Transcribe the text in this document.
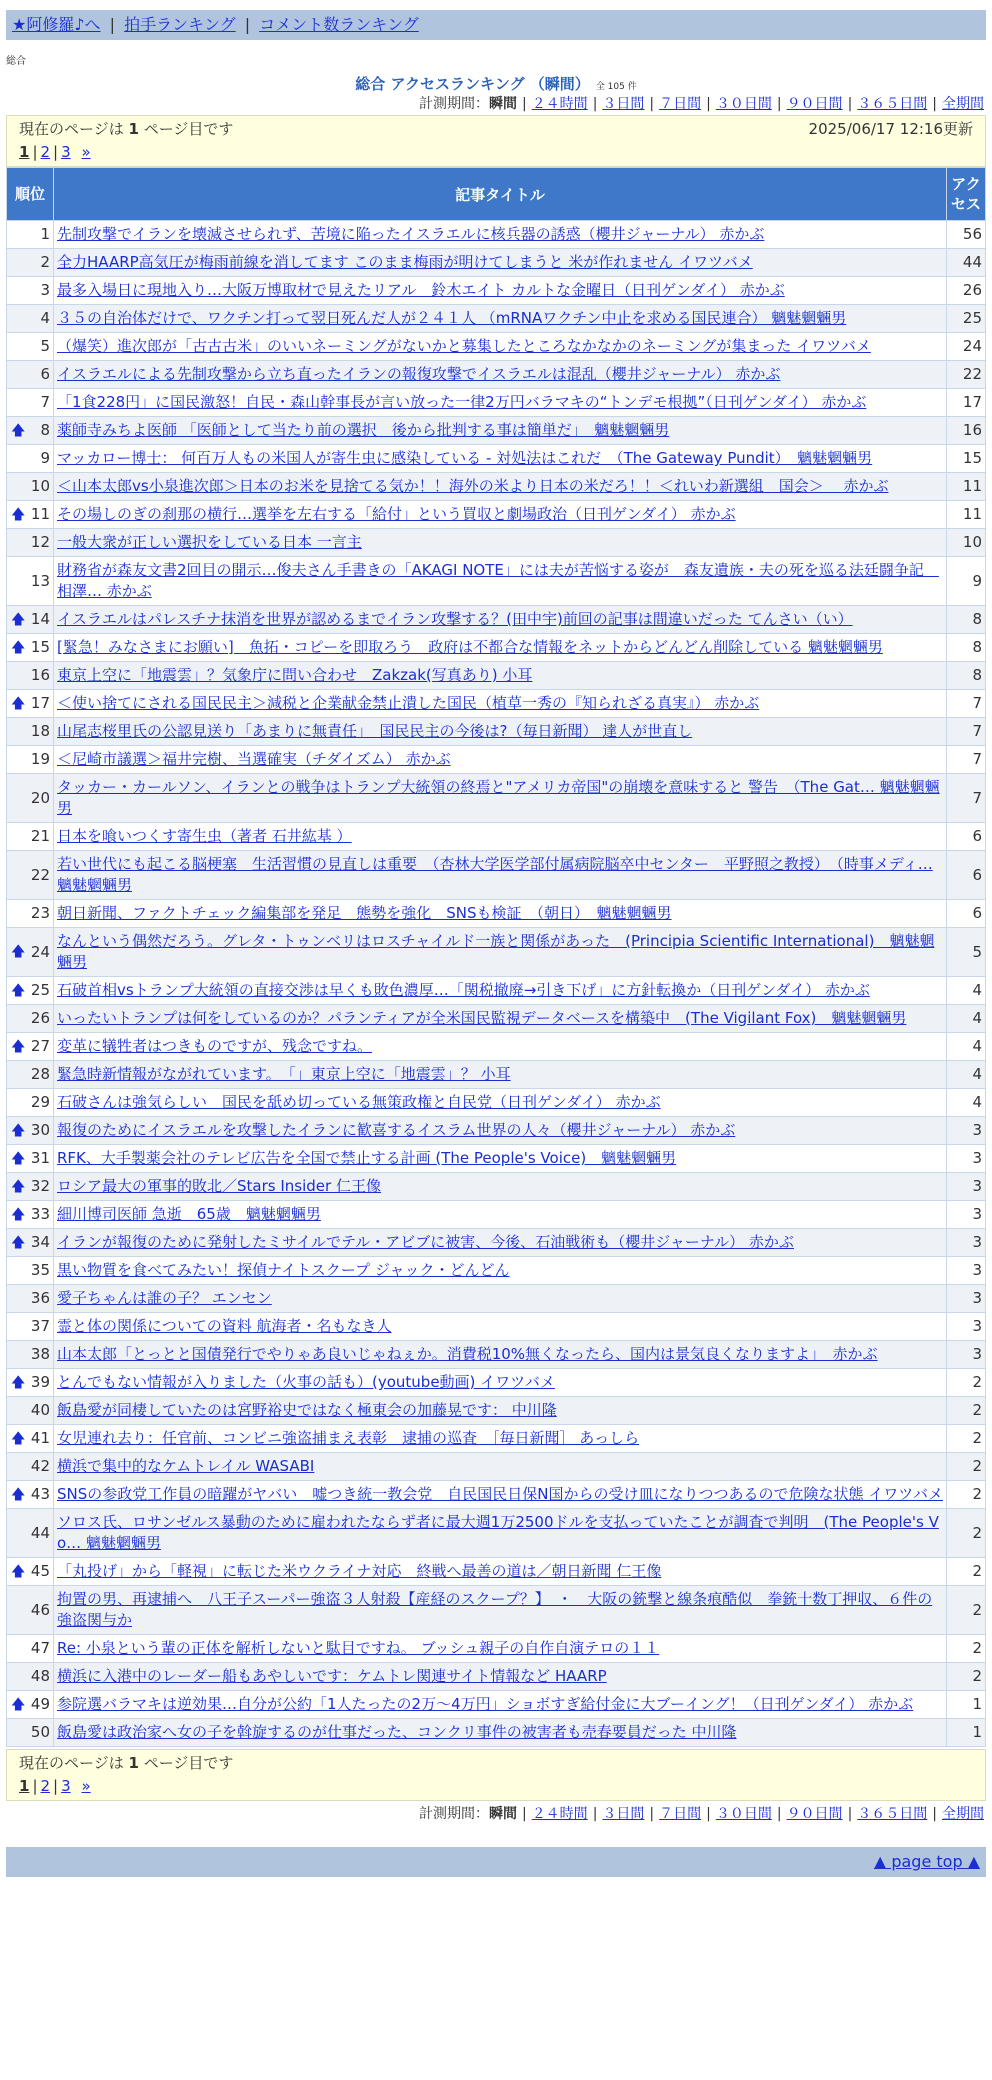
★阿修羅♪へ | 拍手ランキング | コメント数ランキング
総合
総合 アクセスランキング （瞬間） 全 105 件
計測期間：瞬間 | ２４時間 | ３日間 | ７日間 | ３０日間 | ９０日間 | ３６５日間 | 全期間
現在のページは 1 ページ目です	2025/06/17 12:16更新
1 | 2 | 3 »
順位	記事タイトル	アクセス
1	先制攻撃でイランを壊滅させられず、苦境に陥ったイスラエルに核兵器の誘惑（櫻井ジャーナル） 赤かぶ	56
2	全力HAARP高気圧が梅雨前線を消してます このまま梅雨が明けてしまうと 米が作れません イワツバメ	44
3	最多入場日に現地入り…大阪万博取材で見えたリアル　鈴木エイト カルトな金曜日（日刊ゲンダイ） 赤かぶ	26
4	３５の自治体だけで、ワクチン打って翌日死んだ人が２４１人 （mRNAワクチン中止を求める国民連合） 魑魅魍魎男	25
5	（爆笑）進次郎が「古古古米」のいいネーミングがないかと募集したところなかなかのネーミングが集まった イワツバメ	24
6	イスラエルによる先制攻撃から立ち直ったイランの報復攻撃でイスラエルは混乱（櫻井ジャーナル） 赤かぶ	22
7	「1食228円」に国民激怒！自民・森山幹事長が言い放った一律2万円バラマキの“トンデモ根拠”（日刊ゲンダイ） 赤かぶ	17

🡅 8	薬師寺みちよ医師 「医師として当たり前の選択　後から批判する事は簡単だ」　魑魅魍魎男	16
9	マッカロー博士： 何百万人もの米国人が寄生虫に感染している - 対処法はこれだ　（The Gateway Pundit）　魑魅魍魎男	15
10	＜山本太郎vs小泉進次郎＞日本のお米を見捨てる気か！！海外の米より日本の米だろ！！＜れいわ新選組　国会＞　 赤かぶ	11

🡅 11	その場しのぎの刹那の横行…選挙を左右する「給付」という買収と劇場政治（日刊ゲンダイ） 赤かぶ	11
12	一般大衆が正しい選択をしている日本 一言主	10
13	財務省が森友文書2回目の開示…俊夫さん手書きの「AKAGI NOTE」には夫が苦悩する姿が　森友遺族・夫の死を巡る法廷闘争記　相澤… 赤かぶ	9

🡅 14	イスラエルはパレスチナ抹消を世界が認めるまでイラン攻撃する？(田中宇)前回の記事は間違いだった てんさい（い）	8

🡅 15	[緊急！みなさまにお願い]　魚拓・コピーを即取ろう　政府は不都合な情報をネットからどんどん削除している 魑魅魍魎男	8
16	東京上空に「地震雲」？気象庁に問い合わせ　Zakzak(写真あり) 小耳	8

🡅 17	＜使い捨てにされる国民民主＞減税と企業献金禁止潰した国民（植草一秀の『知られざる真実』） 赤かぶ	7
18	山尾志桜里氏の公認見送り「あまりに無責任」　国民民主の今後は?（毎日新聞） 達人が世直し	7
19	＜尼崎市議選＞福井完樹、当選確実（チダイズム） 赤かぶ	7
20	タッカー・カールソン、イランとの戦争はトランプ大統領の終焉と"アメリカ帝国"の崩壊を意味すると 警告　（The Gat… 魑魅魍魎男	7
21	日本を喰いつくす寄生虫（著者 石井紘基 ）	6
22	若い世代にも起こる脳梗塞　生活習慣の見直しは重要　（杏林大学医学部付属病院脳卒中センター　平野照之教授）　（時事メディ… 魑魅魍魎男	6
23	朝日新聞、ファクトチェック編集部を発足　態勢を強化　SNSも検証　（朝日）　魑魅魍魎男	6

🡅 24	なんという偶然だろう。グレタ・トゥンベリはロスチャイルド一族と関係があった　(Principia Scientific International)　魑魅魍魎男	5

🡅 25	石破首相vsトランプ大統領の直接交渉は早くも敗色濃厚…「関税撤廃→引き下げ」に方針転換か（日刊ゲンダイ） 赤かぶ	4
26	いったいトランプは何をしているのか？パランティアが全米国民監視データベースを構築中　(The Vigilant Fox)　魑魅魍魎男	4

🡅 27	変革に犠牲者はつきものですが、残念ですね。	4
28	緊急時新情報がながれています。　「」東京上空に「地震雲」？ 小耳	4
29	石破さんは強気らしい　国民を舐め切っている無策政権と自民党（日刊ゲンダイ） 赤かぶ	4

🡅 30	報復のためにイスラエルを攻撃したイランに歓喜するイスラム世界の人々（櫻井ジャーナル） 赤かぶ	3

🡅 31	RFK、大手製薬会社のテレビ広告を全国で禁止する計画 (The People's Voice)　魑魅魍魎男	3

🡅 32	ロシア最大の軍事的敗北／Stars Insider 仁王像	3

🡅 33	細川博司医師 急逝　65歳　魑魅魍魎男	3

🡅 34	イランが報復のために発射したミサイルでテル・アビブに被害、今後、石油戦術も（櫻井ジャーナル） 赤かぶ	3
35	黒い物質を食べてみたい！探偵ナイトスクープ ジャック・どんどん	3
36	愛子ちゃんは誰の子？ エンセン	3
37	霊と体の関係についての資料 航海者・名もなき人	3
38	山本太郎「とっとと国債発行でやりゃあ良いじゃねぇか。消費税10%無くなったら、国内は景気良くなりますよ」　赤かぶ	3

🡅 39	とんでもない情報が入りました（火事の話も）(youtube動画) イワツバメ	2
40	飯島愛が同棲していたのは宮野裕史ではなく極東会の加藤晃です： 中川隆	2

🡅 41	女児連れ去り：任官前、コンビニ強盗捕まえ表彰　逮捕の巡査　［毎日新聞］ あっしら	2
42	横浜で集中的なケムトレイル WASABI	2

🡅 43	SNSの参政党工作員の暗躍がヤバい　嘘つき統一教会党　自民国民日保N国からの受け皿になりつつあるので危険な状態 イワツバメ	2
44	ソロス氏、ロサンゼルス暴動のために雇われたならず者に最大週1万2500ドルを支払っていたことが調査で判明　(The People's Vo… 魑魅魍魎男	2

🡅 45	「丸投げ」から「軽視」に転じた米ウクライナ対応　終戦へ最善の道は／朝日新聞 仁王像	2
46	拘置の男、再逮捕へ　八王子スーパー強盗３人射殺【産経のスクープ？】　・　大阪の銃撃と線条痕酷似　拳銃十数丁押収、６件の強盗関与か	2
47	Re: 小泉という輩の正体を解析しないと駄目ですね。 ブッシュ親子の自作自演テロの１１	2
48	横浜に入港中のレーダー船もあやしいです：ケムトレ関連サイト情報など HAARP	2

🡅 49	参院選バラマキは逆効果…自分が公約「1人たったの2万～4万円」ショボすぎ給付金に大ブーイング！（日刊ゲンダイ） 赤かぶ	1
50	飯島愛は政治家へ女の子を斡旋するのが仕事だった、コンクリ事件の被害者も売春要員だった 中川隆	1
現在のページは 1 ページ目です
1 | 2 | 3 »
計測期間：瞬間 | ２４時間 | ３日間 | ７日間 | ３０日間 | ９０日間 | ３６５日間 | 全期間
▲ page top ▲
